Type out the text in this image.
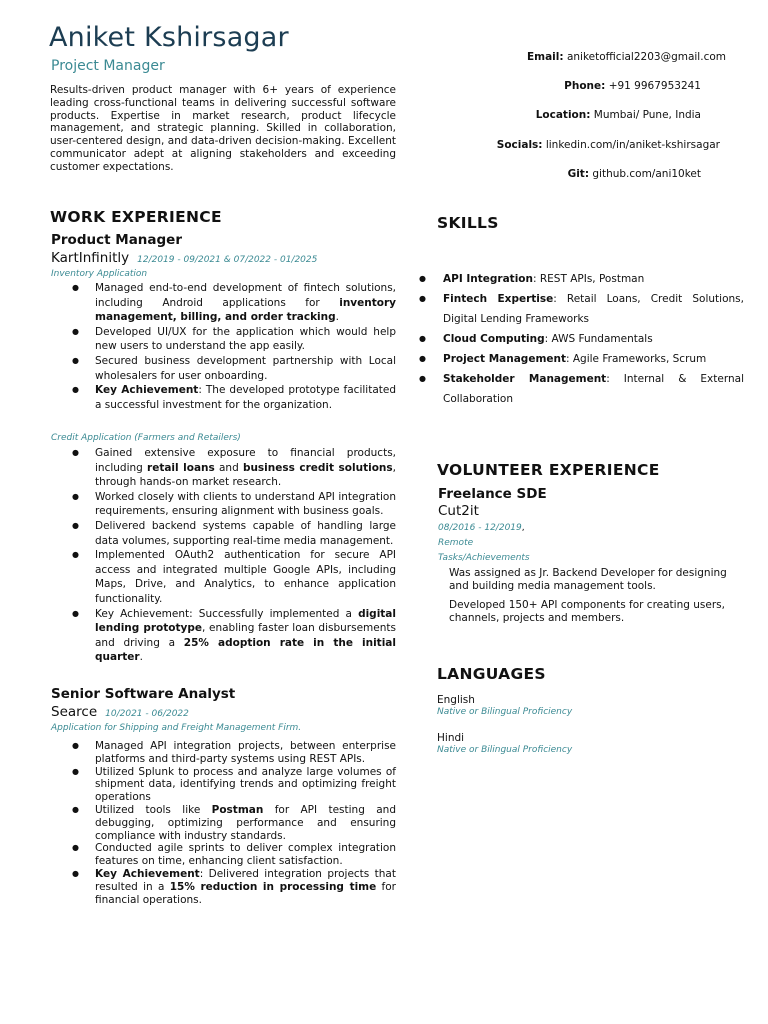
Aniket Kshirsagar
Project Manager
Results-driven product manager with 6+ years of experience leading cross-functional teams in delivering successful software products. Expertise in market research, product lifecycle management, and strategic planning. Skilled in collaboration, user-centered design, and data-driven decision-making. Excellent communicator adept at aligning stakeholders and exceeding customer expectations.
Email: aniketofficial2203@gmail.com
Phone: +91 9967953241
Location: Mumbai/ Pune, India
Socials: linkedin.com/in/aniket-kshirsagar
Git: github.com/ani10ket
WORK EXPERIENCE
Product Manager
KartInfinitly 12/2019 - 09/2021 & 07/2022 - 01/2025
Inventory Application
● Managed end-to-end development of fintech solutions, including Android applications for inventory management, billing, and order tracking.
● Developed UI/UX for the application which would help new users to understand the app easily.
● Secured business development partnership with Local wholesalers for user onboarding.
● Key Achievement: The developed prototype facilitated a successful investment for the organization.
Credit Application (Farmers and Retailers)
● Gained extensive exposure to financial products, including retail loans and business credit solutions, through hands-on market research.
● Worked closely with clients to understand API integration requirements, ensuring alignment with business goals.
● Delivered backend systems capable of handling large data volumes, supporting real-time media management.
● Implemented OAuth2 authentication for secure API access and integrated multiple Google APIs, including Maps, Drive, and Analytics, to enhance application functionality.
● Key Achievement: Successfully implemented a digital lending prototype, enabling faster loan disbursements and driving a 25% adoption rate in the initial quarter.
Senior Software Analyst
Searce 10/2021 - 06/2022
Application for Shipping and Freight Management Firm.
● Managed API integration projects, between enterprise platforms and third-party systems using REST APIs.
● Utilized Splunk to process and analyze large volumes of shipment data, identifying trends and optimizing freight operations
● Utilized tools like Postman for API testing and debugging, optimizing performance and ensuring compliance with industry standards.
● Conducted agile sprints to deliver complex integration features on time, enhancing client satisfaction.
● Key Achievement: Delivered integration projects that resulted in a 15% reduction in processing time for financial operations.
SKILLS
● API Integration: REST APIs, Postman
● Fintech Expertise: Retail Loans, Credit Solutions, Digital Lending Frameworks
● Cloud Computing: AWS Fundamentals
● Project Management: Agile Frameworks, Scrum
● Stakeholder Management: Internal & External Collaboration
VOLUNTEER EXPERIENCE
Freelance SDE
Cut2it
08/2016 - 12/2019,
Remote
Tasks/Achievements
Was assigned as Jr. Backend Developer for designing and building media management tools.
Developed 150+ API components for creating users, channels, projects and members.
LANGUAGES
English
Native or Bilingual Proficiency
Hindi
Native or Bilingual Proficiency
